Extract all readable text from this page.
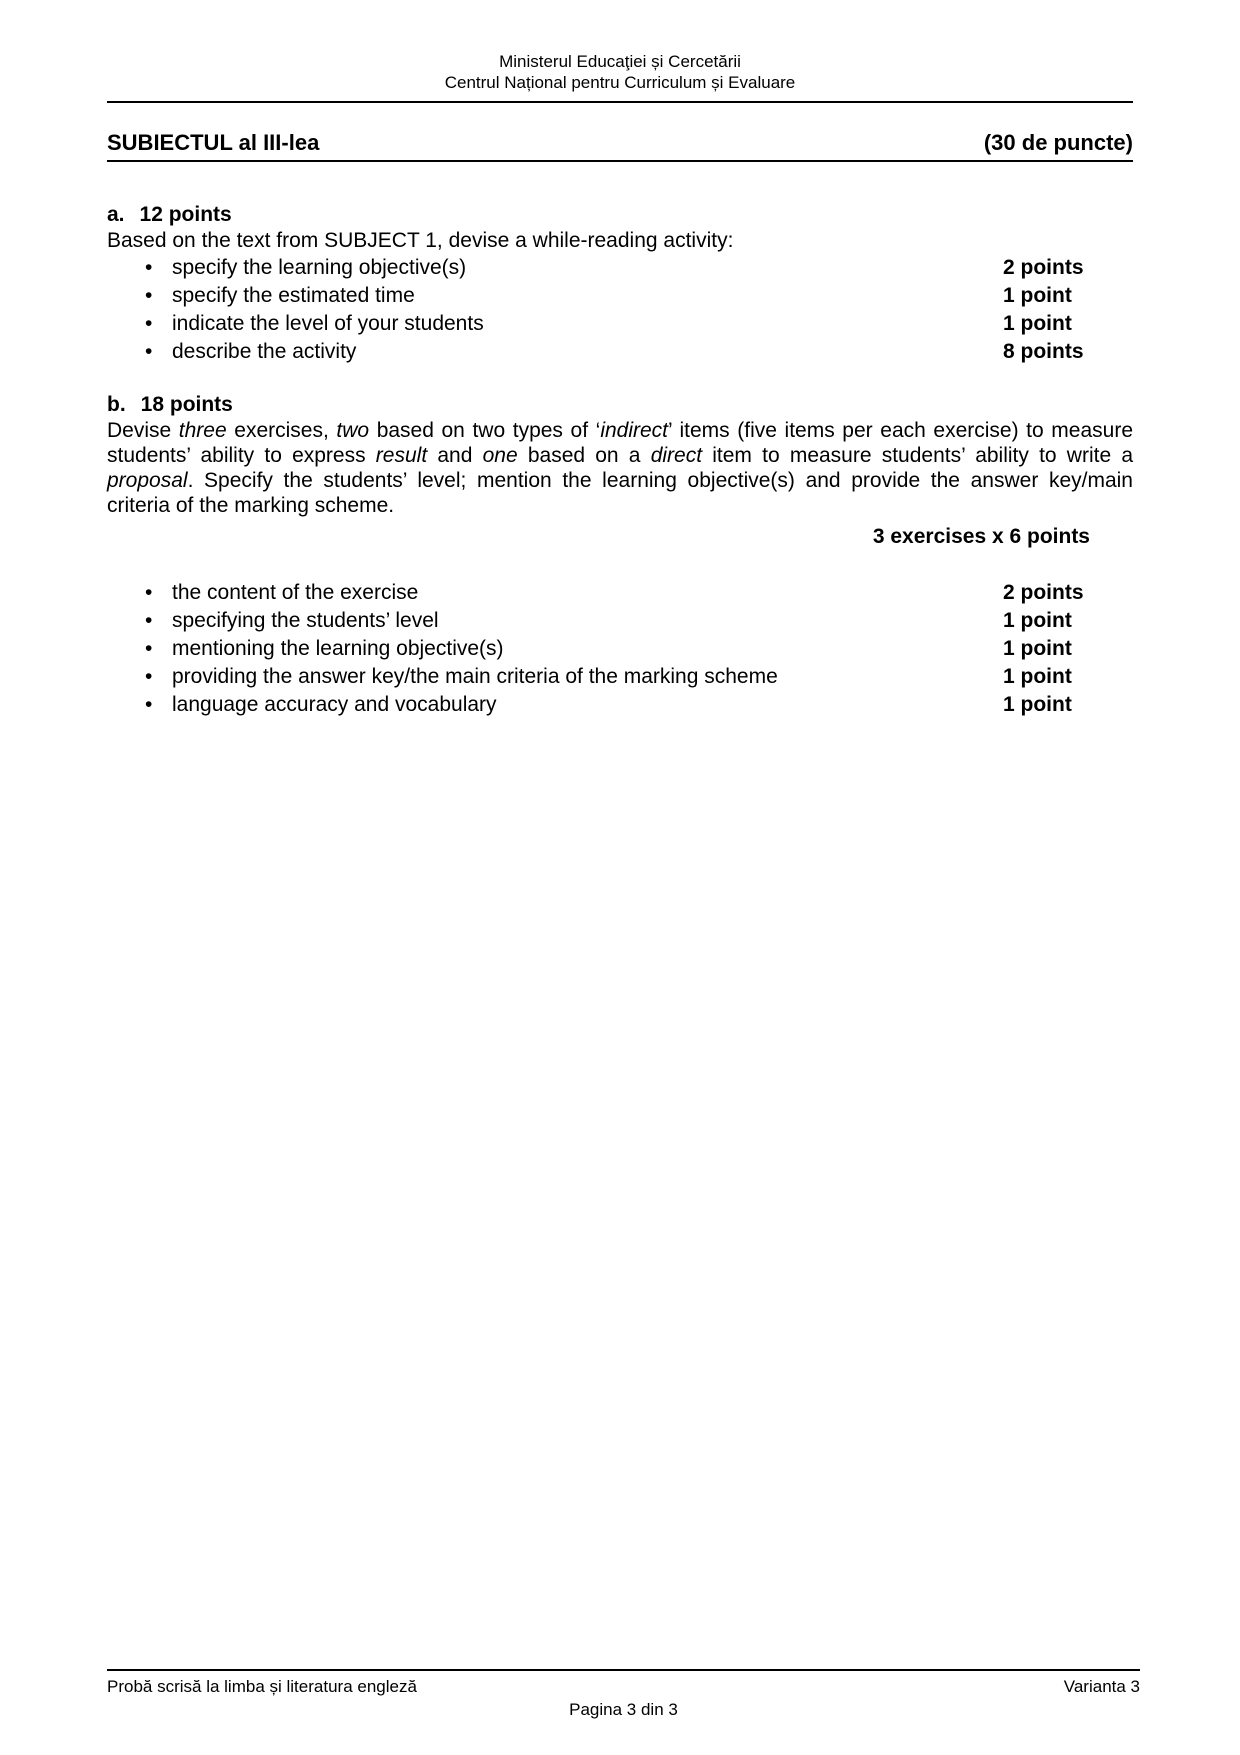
Ministerul Educaţiei și Cercetării
Centrul Național pentru Curriculum și Evaluare
SUBIECTUL al III-lea	(30 de puncte)
a. 12 points
Based on the text from SUBJECT 1, devise a while-reading activity:
• specify the learning objective(s)	2 points
• specify the estimated time	1 point
• indicate the level of your students	1 point
• describe the activity	8 points
b. 18 points
Devise three exercises, two based on two types of ‘indirect’ items (five items per each exercise) to measure students’ ability to express result and one based on a direct item to measure students’ ability to write a proposal. Specify the students’ level; mention the learning objective(s) and provide the answer key/main criteria of the marking scheme.
3 exercises x 6 points
• the content of the exercise	2 points
• specifying the students’ level	1 point
• mentioning the learning objective(s)	1 point
• providing the answer key/the main criteria of the marking scheme	1 point
• language accuracy and vocabulary	1 point
Probă scrisă la limba și literatura engleză	Varianta 3
Pagina 3 din 3
